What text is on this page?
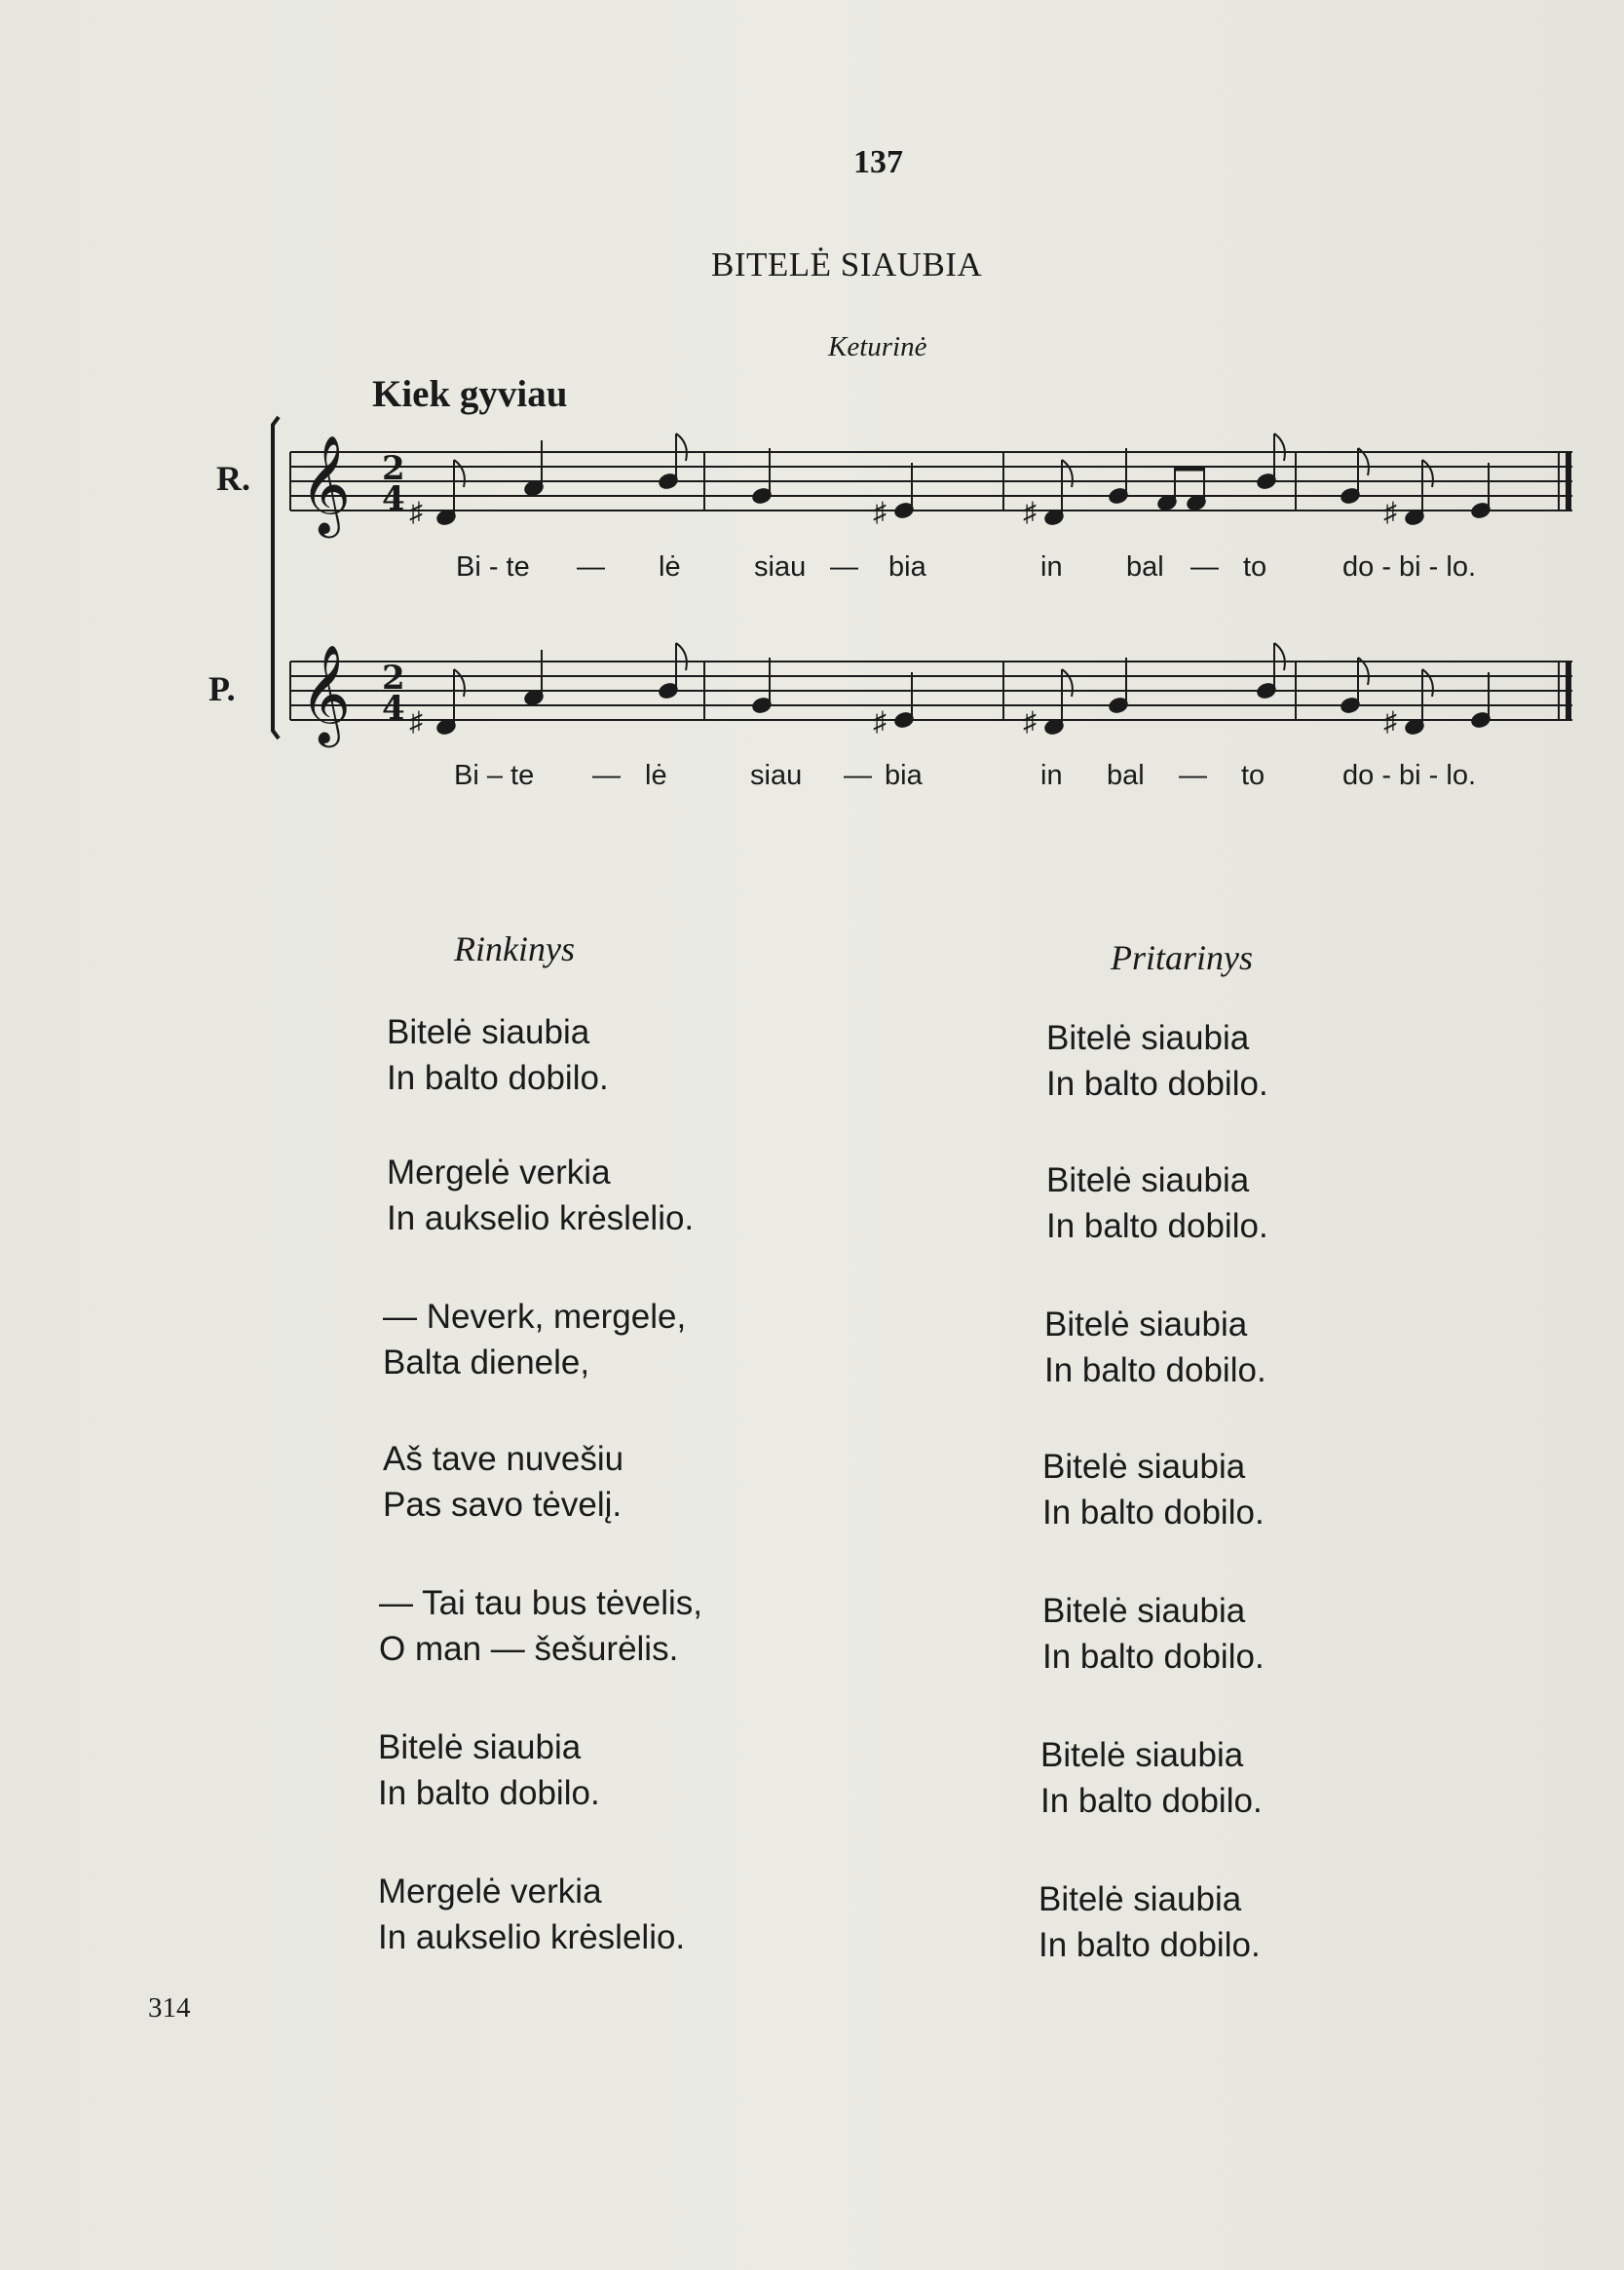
137
BITELĖ SIAUBIA
Keturinė
Kiek gyviau
R.
P.
𝄞
𝄞
2
4
2
4
♯	♯	♯	♯
♯	♯	♯	♯
Bi - te — lė	siau — bia	in bal — to	do - bi - lo.
Bi – te — lė	siau — bia	in bal — to	do - bi - lo.
Rinkinys	Pritarinys
Bitelė siaubia
In balto dobilo.
Mergelė verkia
In aukselio krėslelio.
— Neverk, mergele,
Balta dienele,
Aš tave nuvešiu
Pas savo tėvelį.
— Tai tau bus tėvelis,
O man — šešurėlis.
Bitelė siaubia
In balto dobilo.
Mergelė verkia
In aukselio krėslelio.
Bitelė siaubia
In balto dobilo.
Bitelė siaubia
In balto dobilo.
Bitelė siaubia
In balto dobilo.
Bitelė siaubia
In balto dobilo.
Bitelė siaubia
In balto dobilo.
Bitelė siaubia
In balto dobilo.
Bitelė siaubia
In balto dobilo.
314
